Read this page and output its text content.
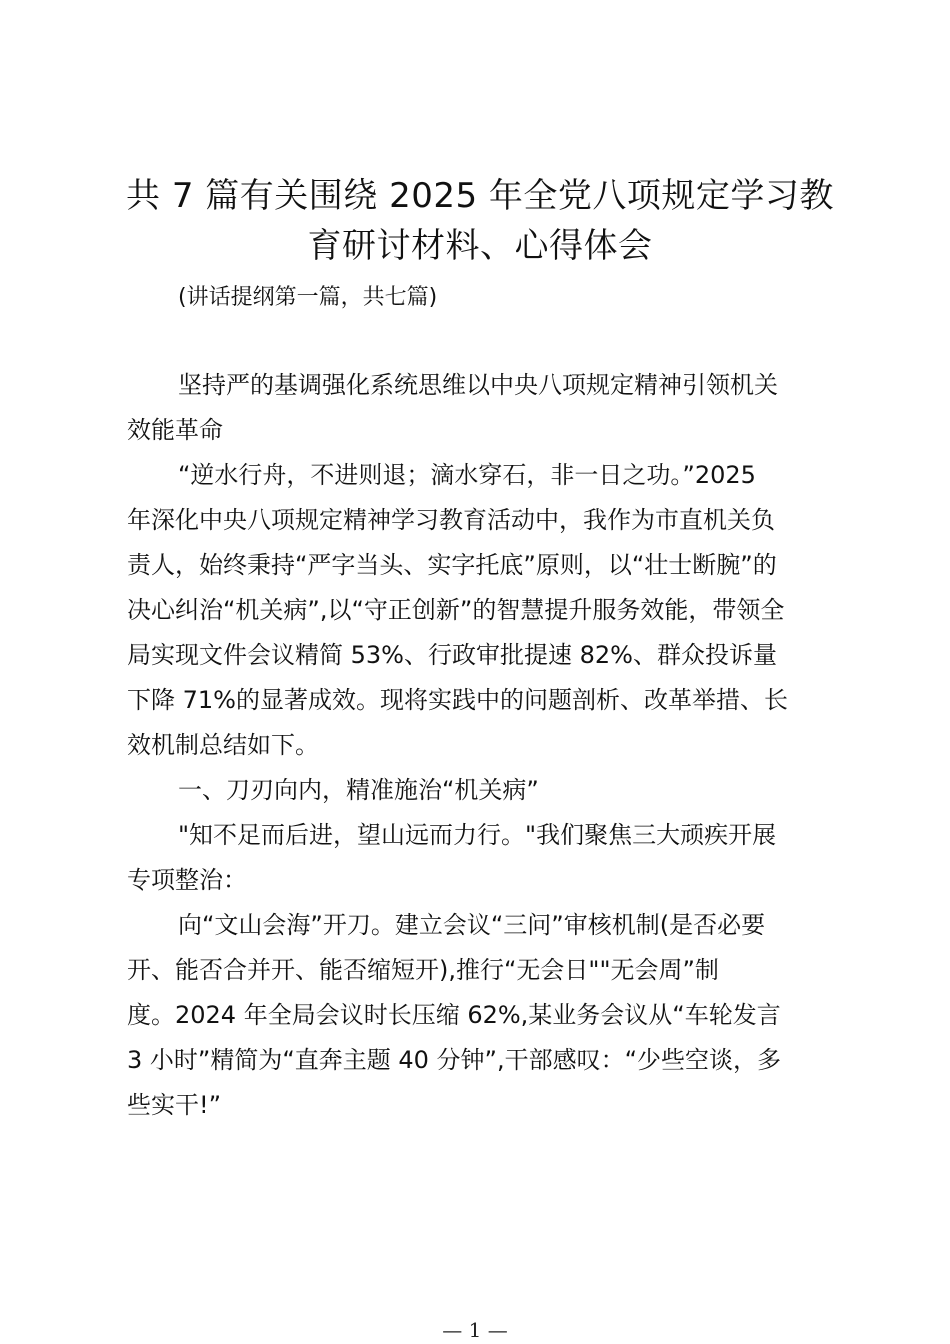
共 7 篇有关围绕 2025 年全党八项规定学习教
育研讨材料、心得体会
(讲话提纲第一篇，共七篇)
坚持严的基调强化系统思维以中央八项规定精神引领机关
效能革命
“逆水行舟，不进则退；滴水穿石，非一日之功。”2025
年深化中央八项规定精神学习教育活动中，我作为市直机关负
责人，始终秉持“严字当头、实字托底”原则，以“壮士断腕”的
决心纠治“机关病”,以“守正创新”的智慧提升服务效能，带领全
局实现文件会议精简 53%、行政审批提速 82%、群众投诉量
下降 71%的显著成效。现将实践中的问题剖析、改革举措、长
效机制总结如下。
一、刀刃向内，精准施治“机关病”
"知不足而后进，望山远而力行。"我们聚焦三大顽疾开展
专项整治：
向“文山会海”开刀。建立会议“三问”审核机制(是否必要
开、能否合并开、能否缩短开),推行“无会日""无会周”制
度。2024 年全局会议时长压缩 62%,某业务会议从“车轮发言
3 小时”精简为“直奔主题 40 分钟”,干部感叹：“少些空谈，多
些实干!”
— 1 —
